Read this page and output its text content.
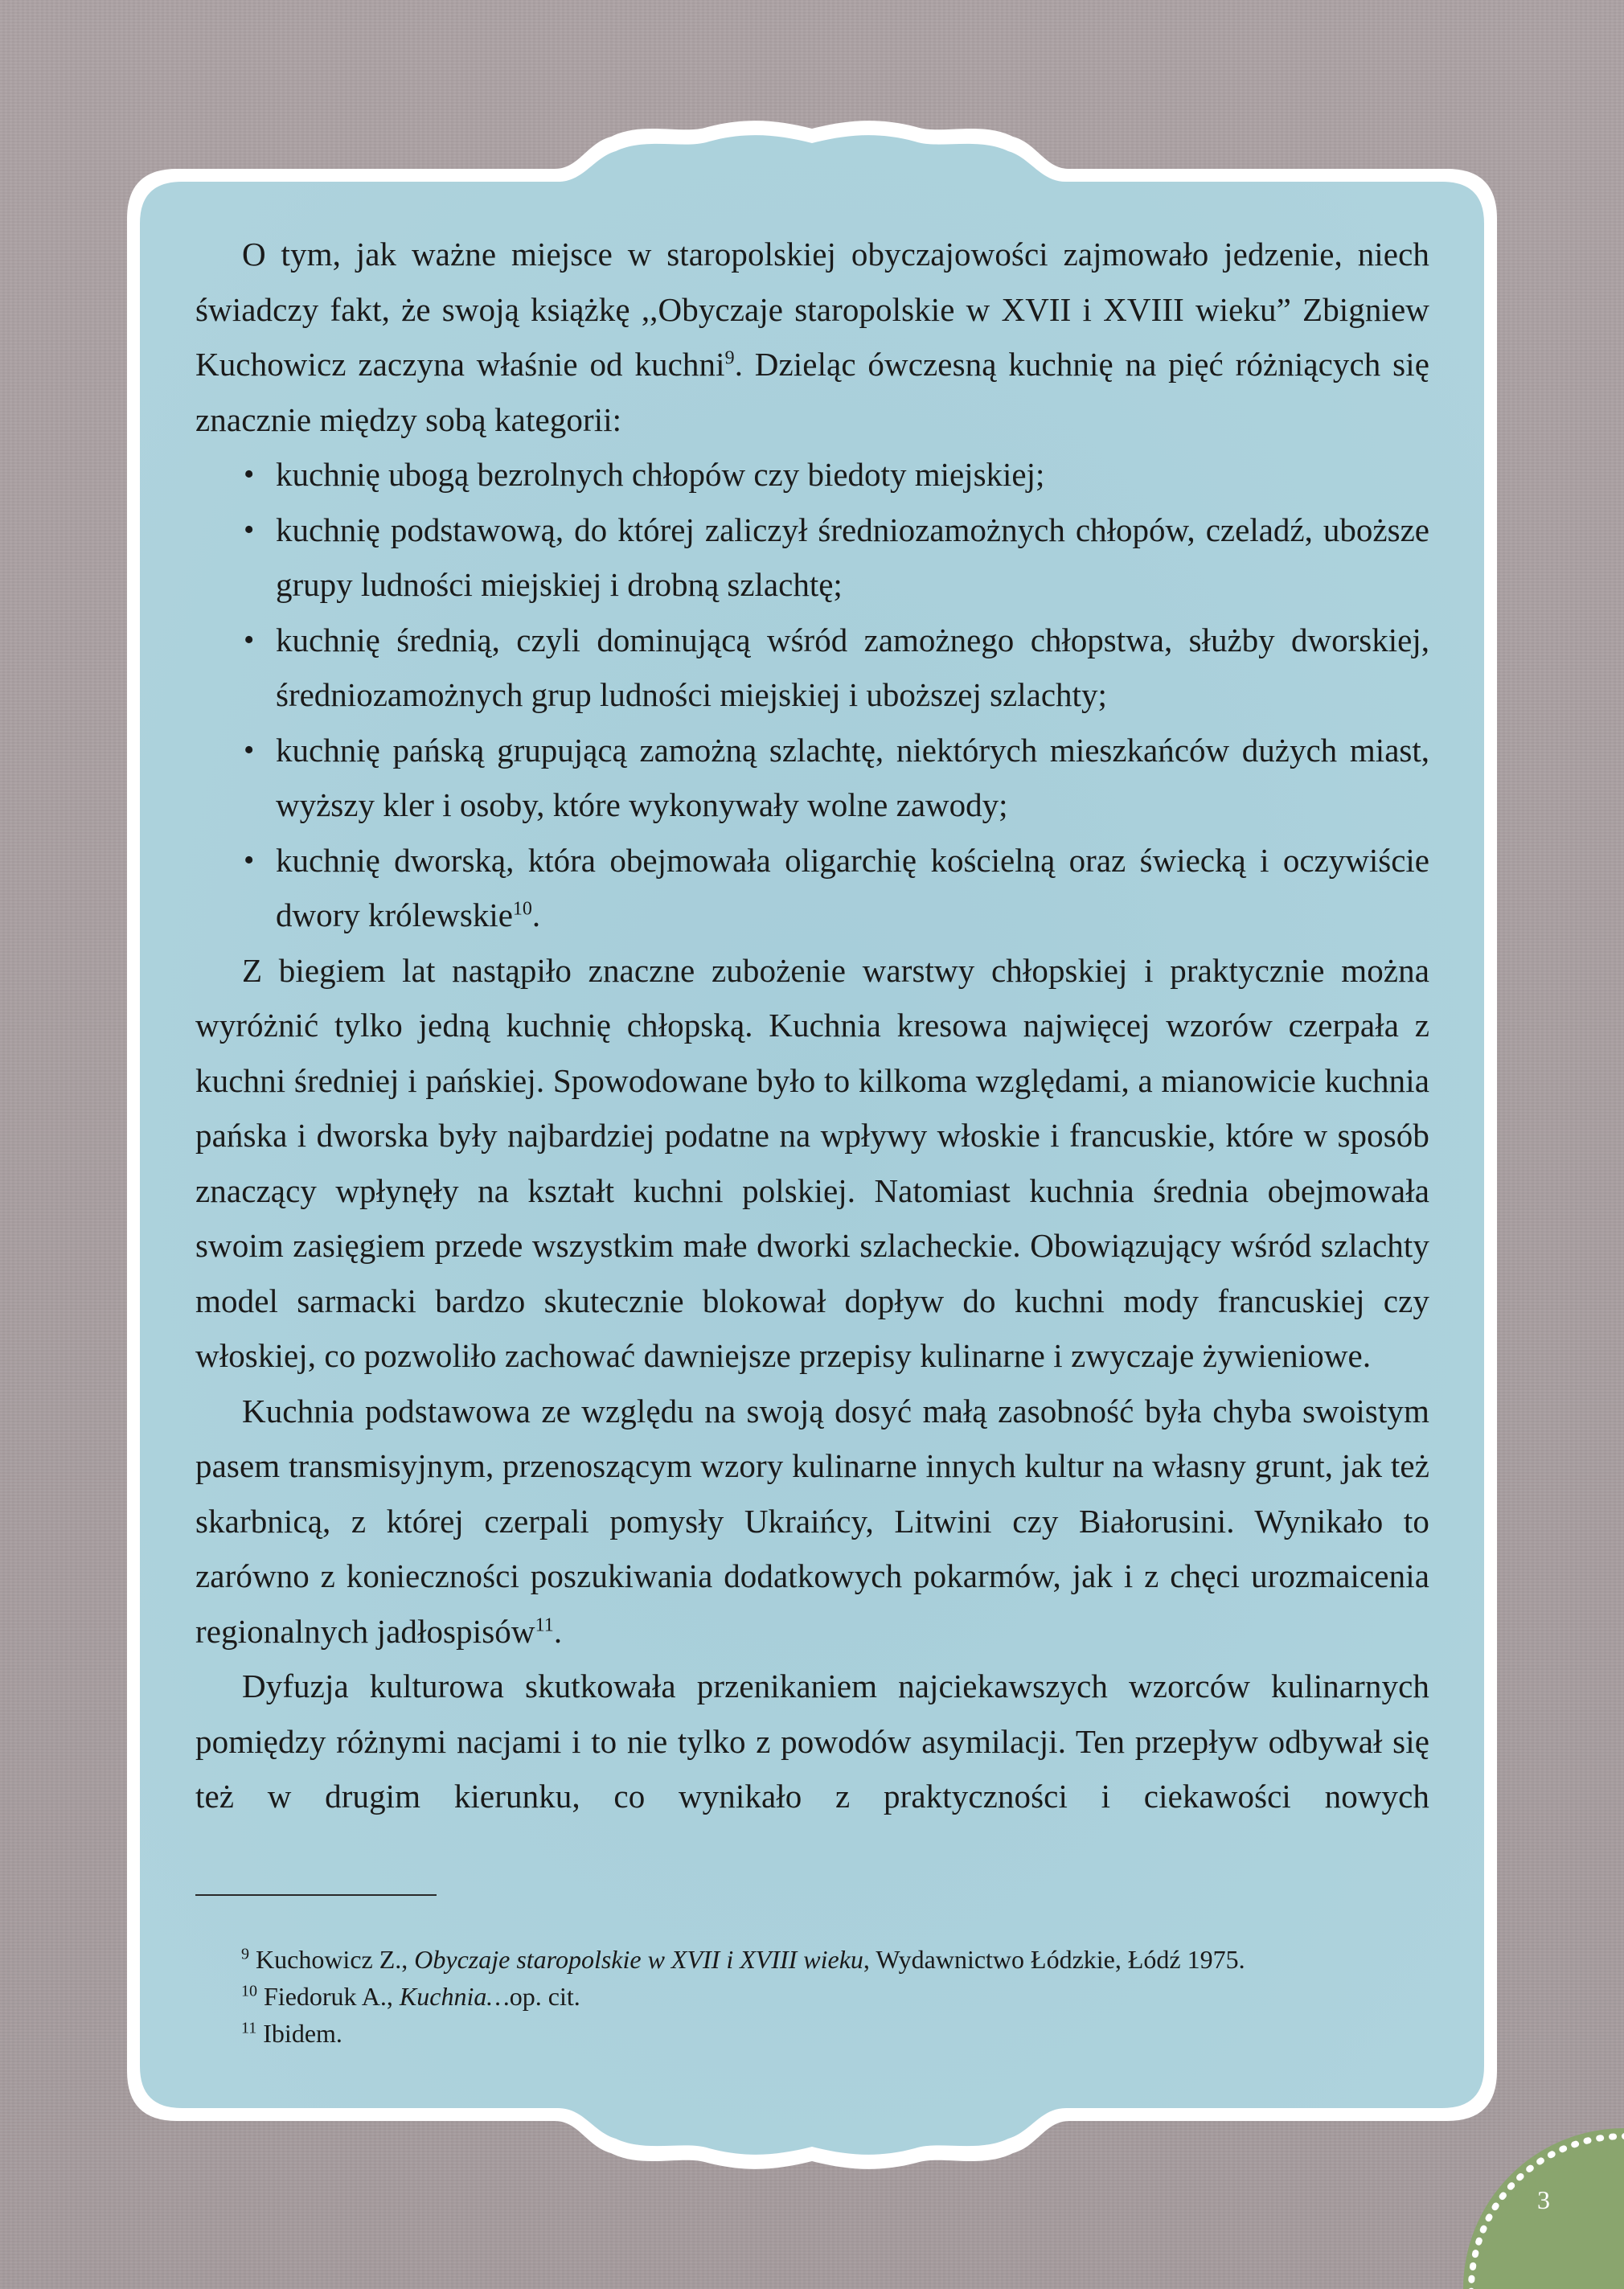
O tym, jak ważne miejsce w staropolskiej obyczajowości zajmowało jedzenie, niech świadczy fakt, że swoją książkę ,,Obyczaje staropolskie w XVII i XVIII wieku” Zbigniew Kuchowicz zaczyna właśnie od kuchni$^9$. Dzieląc ówczesną kuchnię na pięć różniących się znacznie między sobą kategorii:

• kuchnię ubogą bezrolnych chłopów czy biedoty miejskiej;
• kuchnię podstawową, do której zaliczył średniozamożnych chłopów, czeladź, uboższe grupy ludności miejskiej i drobną szlachtę;
• kuchnię średnią, czyli dominującą wśród zamożnego chłopstwa, służby dworskiej, średniozamożnych grup ludności miejskiej i uboższej szlachty;
• kuchnię pańską grupującą zamożną szlachtę, niektórych mieszkańców dużych miast, wyższy kler i osoby, które wykonywały wolne zawody;
• kuchnię dworską, która obejmowała oligarchię kościelną oraz świecką i oczywiście dwory królewskie$^{10}$.

Z biegiem lat nastąpiło znaczne zubożenie warstwy chłopskiej i praktycznie można wyróżnić tylko jedną kuchnię chłopską. Kuchnia kresowa najwięcej wzorów czerpała z kuchni średniej i pańskiej. Spowodowane było to kilkoma względami, a mianowicie kuchnia pańska i dworska były najbardziej podatne na wpływy włoskie i francuskie, które w sposób znaczący wpłynęły na kształt kuchni polskiej. Natomiast kuchnia średnia obejmowała swoim zasięgiem przede wszystkim małe dworki szlacheckie. Obowiązujący wśród szlachty model sarmacki bardzo skutecznie blokował dopływ do kuchni mody francuskiej czy włoskiej, co pozwoliło zachować dawniejsze przepisy kulinarne i zwyczaje żywieniowe.

Kuchnia podstawowa ze względu na swoją dosyć małą zasobność była chyba swoistym pasem transmisyjnym, przenoszącym wzory kulinarne innych kultur na własny grunt, jak też skarbnicą, z której czerpali pomysły Ukraińcy, Litwini czy Białorusini. Wynikało to zarówno z konieczności poszukiwania dodatkowych pokarmów, jak i z chęci urozmaicenia regionalnych jadłospisów$^{11}$.

Dyfuzja kulturowa skutkowała przenikaniem najciekawszych wzorców kulinarnych pomiędzy różnymi nacjami i to nie tylko z powodów asymilacji. Ten przepływ odbywał się też w drugim kierunku, co wynikało z praktyczności i ciekawości nowych

$^9$ Kuchowicz Z., Obyczaje staropolskie w XVII i XVIII wieku, Wydawnictwo Łódzkie, Łódź 1975.

$^{10}$ Fiedoruk A., Kuchnia…op. cit.

$^{11}$ Ibidem.

3
